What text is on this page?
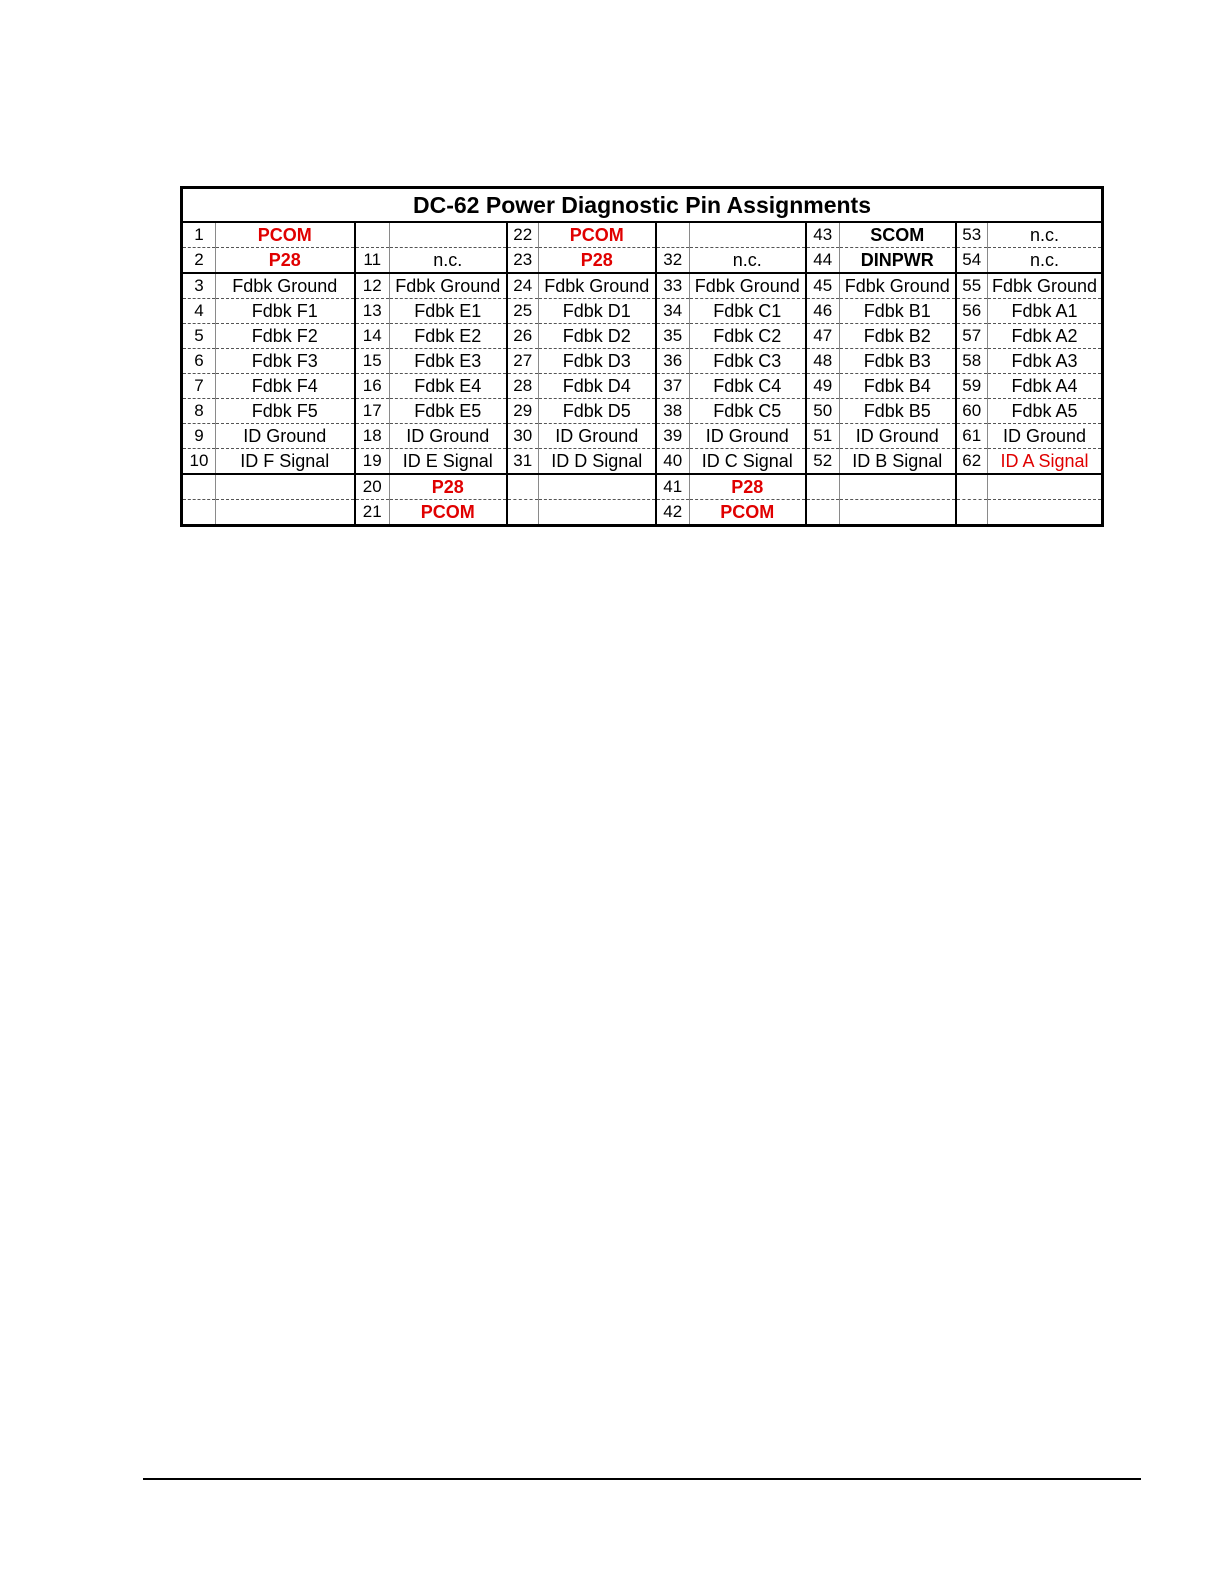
DC-62 Power Diagnostic Pin Assignments											
1	PCOM			22	PCOM			43	SCOM	53	n.c.
2	P28	11	n.c.	23	P28	32	n.c.	44	DINPWR	54	n.c.
3	Fdbk Ground	12	Fdbk Ground	24	Fdbk Ground	33	Fdbk Ground	45	Fdbk Ground	55	Fdbk Ground
4	Fdbk F1	13	Fdbk E1	25	Fdbk D1	34	Fdbk C1	46	Fdbk B1	56	Fdbk A1
5	Fdbk F2	14	Fdbk E2	26	Fdbk D2	35	Fdbk C2	47	Fdbk B2	57	Fdbk A2
6	Fdbk F3	15	Fdbk E3	27	Fdbk D3	36	Fdbk C3	48	Fdbk B3	58	Fdbk A3
7	Fdbk F4	16	Fdbk E4	28	Fdbk D4	37	Fdbk C4	49	Fdbk B4	59	Fdbk A4
8	Fdbk F5	17	Fdbk E5	29	Fdbk D5	38	Fdbk C5	50	Fdbk B5	60	Fdbk A5
9	ID Ground	18	ID Ground	30	ID Ground	39	ID Ground	51	ID Ground	61	ID Ground
10	ID F Signal	19	ID E Signal	31	ID D Signal	40	ID C Signal	52	ID B Signal	62	ID A Signal
		20	P28			41	P28				
		21	PCOM			42	PCOM				
